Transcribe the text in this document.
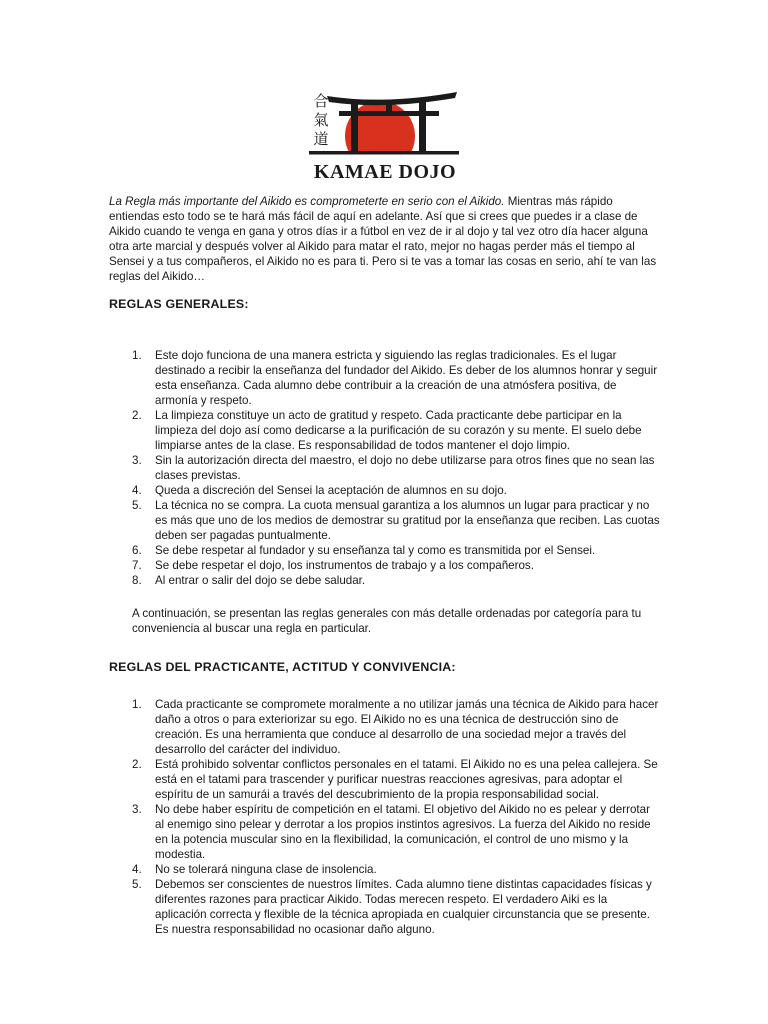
合
氣
道
KAMAE DOJO

La Regla más importante del Aikido es comprometerte en serio con el Aikido. Mientras más rápido entiendas esto todo se te hará más fácil de aquí en adelante. Así que si crees que puedes ir a clase de Aikido cuando te venga en gana y otros días ir a fútbol en vez de ir al dojo y tal vez otro día hacer alguna otra arte marcial y después volver al Aikido para matar el rato, mejor no hagas perder más el tiempo al Sensei y a tus compañeros, el Aikido no es para ti. Pero si te vas a tomar las cosas en serio, ahí te van las reglas del Aikido…

REGLAS GENERALES:
1. Este dojo funciona de una manera estricta y siguiendo las reglas tradicionales. Es el lugar destinado a recibir la enseñanza del fundador del Aikido. Es deber de los alumnos honrar y seguir esta enseñanza. Cada alumno debe contribuir a la creación de una atmósfera positiva, de armonía y respeto.
2. La limpieza constituye un acto de gratitud y respeto. Cada practicante debe participar en la limpieza del dojo así como dedicarse a la purificación de su corazón y su mente. El suelo debe limpiarse antes de la clase. Es responsabilidad de todos mantener el dojo limpio.
3. Sin la autorización directa del maestro, el dojo no debe utilizarse para otros fines que no sean las clases previstas.
4. Queda a discreción del Sensei la aceptación de alumnos en su dojo.
5. La técnica no se compra. La cuota mensual garantiza a los alumnos un lugar para practicar y no es más que uno de los medios de demostrar su gratitud por la enseñanza que reciben. Las cuotas deben ser pagadas puntualmente.
6. Se debe respetar al fundador y su enseñanza tal y como es transmitida por el Sensei.
7. Se debe respetar el dojo, los instrumentos de trabajo y a los compañeros.
8. Al entrar o salir del dojo se debe saludar.

A continuación, se presentan las reglas generales con más detalle ordenadas por categoría para tu conveniencia al buscar una regla en particular.

REGLAS DEL PRACTICANTE, ACTITUD Y CONVIVENCIA:
1. Cada practicante se compromete moralmente a no utilizar jamás una técnica de Aikido para hacer daño a otros o para exteriorizar su ego. El Aikido no es una técnica de destrucción sino de creación. Es una herramienta que conduce al desarrollo de una sociedad mejor a través del desarrollo del carácter del individuo.
2. Está prohibido solventar conflictos personales en el tatami. El Aikido no es una pelea callejera. Se está en el tatami para trascender y purificar nuestras reacciones agresivas, para adoptar el espíritu de un samurái a través del descubrimiento de la propia responsabilidad social.
3. No debe haber espíritu de competición en el tatami. El objetivo del Aikido no es pelear y derrotar al enemigo sino pelear y derrotar a los propios instintos agresivos. La fuerza del Aikido no reside en la potencia muscular sino en la flexibilidad, la comunicación, el control de uno mismo y la modestia.
4. No se tolerará ninguna clase de insolencia.
5. Debemos ser conscientes de nuestros límites. Cada alumno tiene distintas capacidades físicas y diferentes razones para practicar Aikido. Todas merecen respeto. El verdadero Aiki es la aplicación correcta y flexible de la técnica apropiada en cualquier circunstancia que se presente. Es nuestra responsabilidad no ocasionar daño alguno.
